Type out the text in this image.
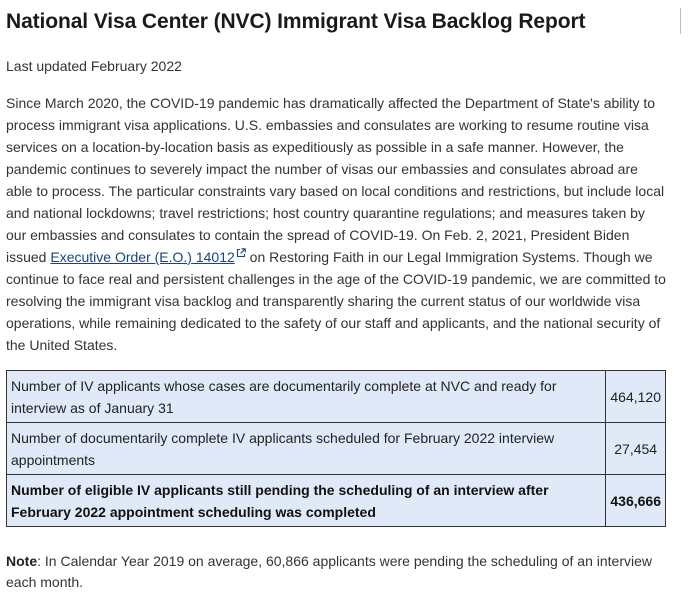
National Visa Center (NVC) Immigrant Visa Backlog Report

Last updated February 2022

Since March 2020, the COVID-19 pandemic has dramatically affected the Department of State's ability to process immigrant visa applications. U.S. embassies and consulates are working to resume routine visa services on a location-by-location basis as expeditiously as possible in a safe manner. However, the pandemic continues to severely impact the number of visas our embassies and consulates abroad are able to process. The particular constraints vary based on local conditions and restrictions, but include local and national lockdowns; travel restrictions; host country quarantine regulations; and measures taken by our embassies and consulates to contain the spread of COVID-19. On Feb. 2, 2021, President Biden issued Executive Order (E.O.) 14012 on Restoring Faith in our Legal Immigration Systems. Though we continue to face real and persistent challenges in the age of the COVID-19 pandemic, we are committed to resolving the immigrant visa backlog and transparently sharing the current status of our worldwide visa operations, while remaining dedicated to the safety of our staff and applicants, and the national security of the United States.

Number of IV applicants whose cases are documentarily complete at NVC and ready for interview as of January 31	464,120
Number of documentarily complete IV applicants scheduled for February 2022 interview appointments	27,454
Number of eligible IV applicants still pending the scheduling of an interview after February 2022 appointment scheduling was completed	436,666

Note: In Calendar Year 2019 on average, 60,866 applicants were pending the scheduling of an interview each month.
